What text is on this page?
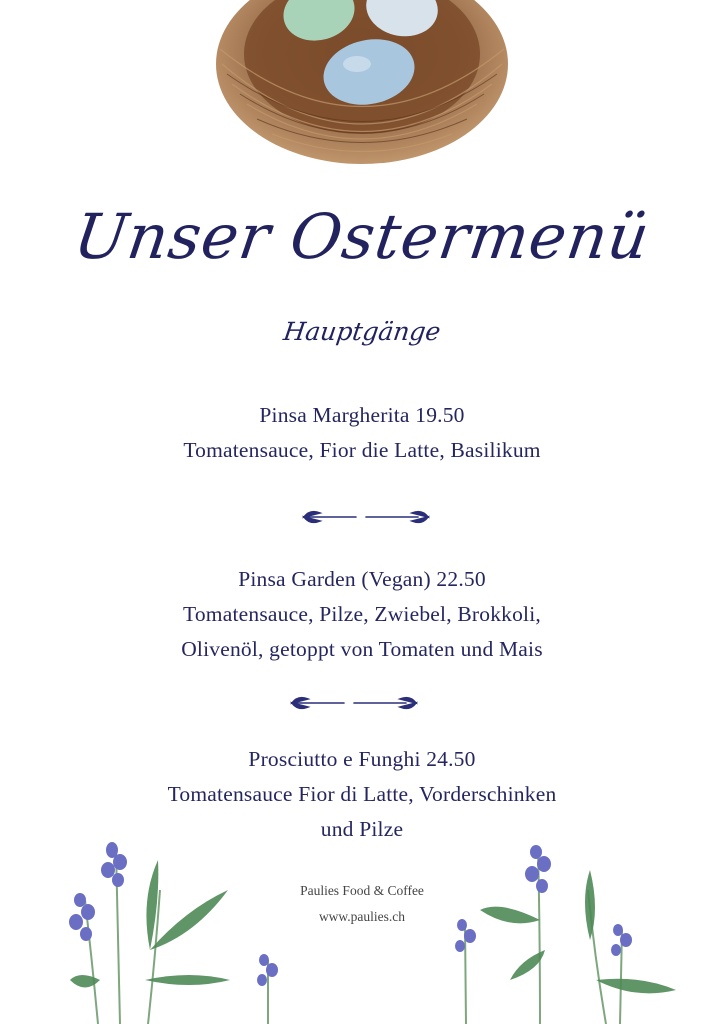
Unser Ostermenü
Hauptgänge
Pinsa Margherita 19.50
Tomatensauce, Fior die Latte, Basilikum
Pinsa Garden (Vegan) 22.50
Tomatensauce, Pilze, Zwiebel, Brokkoli,
Olivenöl, getoppt von Tomaten und Mais
Prosciutto e Funghi 24.50
Tomatensauce Fior di Latte, Vorderschinken
und Pilze
Paulies Food & Coffee
www.paulies.ch
